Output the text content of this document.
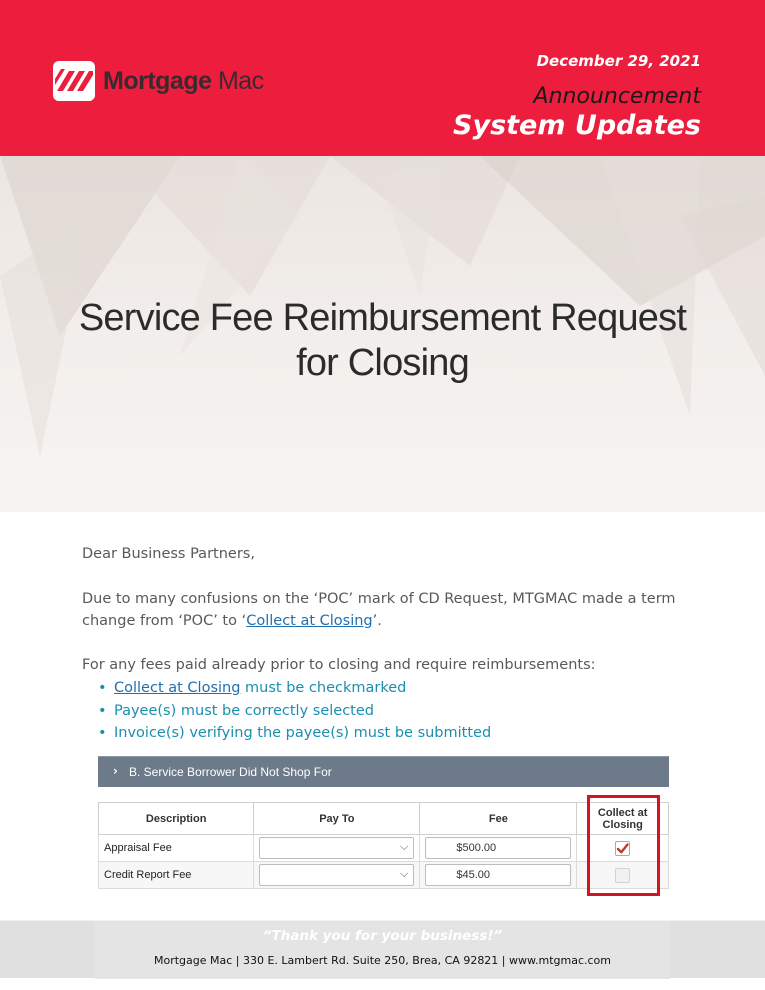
Mortgage Mac
December 29, 2021
Announcement
System Updates
Service Fee Reimbursement Request
for Closing

Dear Business Partners,

Due to many confusions on the ‘POC’ mark of CD Request, MTGMAC made a term change from ‘POC’ to ‘Collect at Closing’.

For any fees paid already prior to closing and require reimbursements:

• Collect at Closing must be checkmarked
• Payee(s) must be correctly selected
• Invoice(s) verifying the payee(s) must be submitted
› B. Service Borrower Did Not Shop For
Description	Pay To	Fee	Collect at
Closing

Appraisal Fee	⌵	$500.00

Credit Report Fee	⌵	$45.00	

“Thank you for your business!”
Mortgage Mac | 330 E. Lambert Rd. Suite 250, Brea, CA 92821 | www.mtgmac.com
